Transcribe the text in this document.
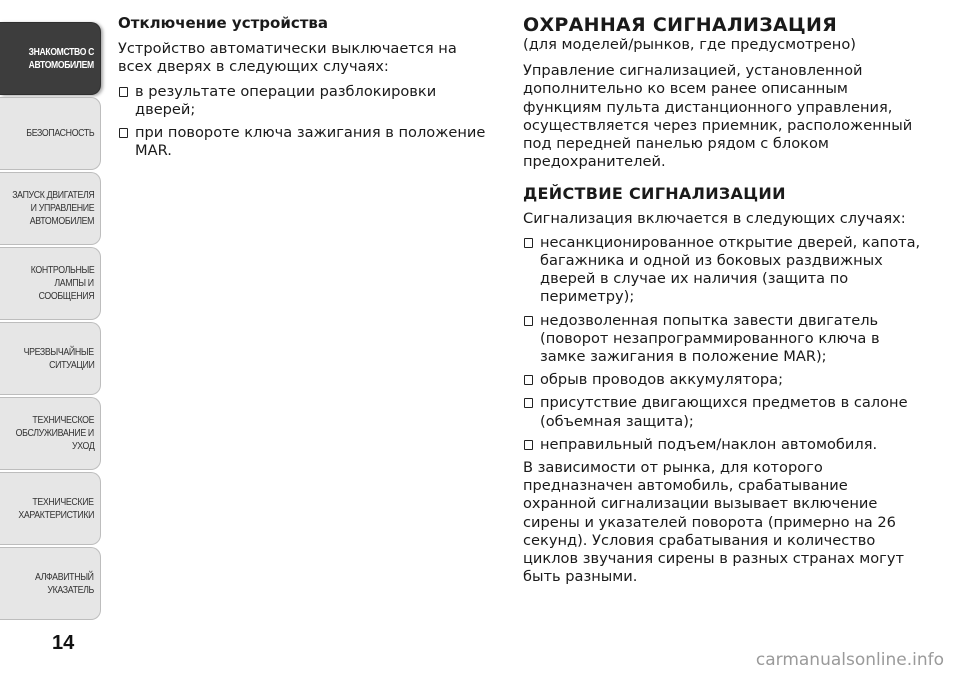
ЗНАКОМСТВО С
АВТОМОБИЛЕМ
БЕЗОПАСНОСТЬ
ЗАПУСК ДВИГАТЕЛЯ
И УПРАВЛЕНИЕ
АВТОМОБИЛЕМ
КОНТРОЛЬНЫЕ
ЛАМПЫ И
СООБЩЕНИЯ
ЧРЕЗВЫЧАЙНЫЕ
СИТУАЦИИ
ТЕХНИЧЕСКОЕ
ОБСЛУЖИВАНИЕ И
УХОД
ТЕХНИЧЕСКИЕ
ХАРАКТЕРИСТИКИ
АЛФАВИТНЫЙ
УКАЗАТЕЛЬ
14
Отключение устройства

Устройство автоматически выключается на всех дверях в следующих случаях:

в результате операции разблокировки дверей;
при повороте ключа зажигания в положение MAR.
ОХРАННАЯ СИГНАЛИЗАЦИЯ
(для моделей/рынков, где предусмотрено)

Управление сигнализацией, установленной дополнительно ко всем ранее описанным функциям пульта дистанционного управления, осуществляется через приемник, расположенный под передней панелью рядом с блоком предохранителей.

ДЕЙСТВИЕ СИГНАЛИЗАЦИИ

Сигнализация включается в следующих случаях:

несанкционированное открытие дверей, капота, багажника и одной из боковых раздвижных дверей в случае их наличия (защита по периметру);
недозволенная попытка завести двигатель (поворот незапрограммированного ключа в замке зажигания в положение MAR);
обрыв проводов аккумулятора;
присутствие двигающихся предметов в салоне (объемная защита);
неправильный подъем/наклон автомобиля.

В зависимости от рынка, для которого предназначен автомобиль, срабатывание охранной сигнализации вызывает включение сирены и указателей поворота (примерно на 26 секунд). Условия срабатывания и количество циклов звучания сирены в разных странах могут быть разными.

carmanualsonline.info
